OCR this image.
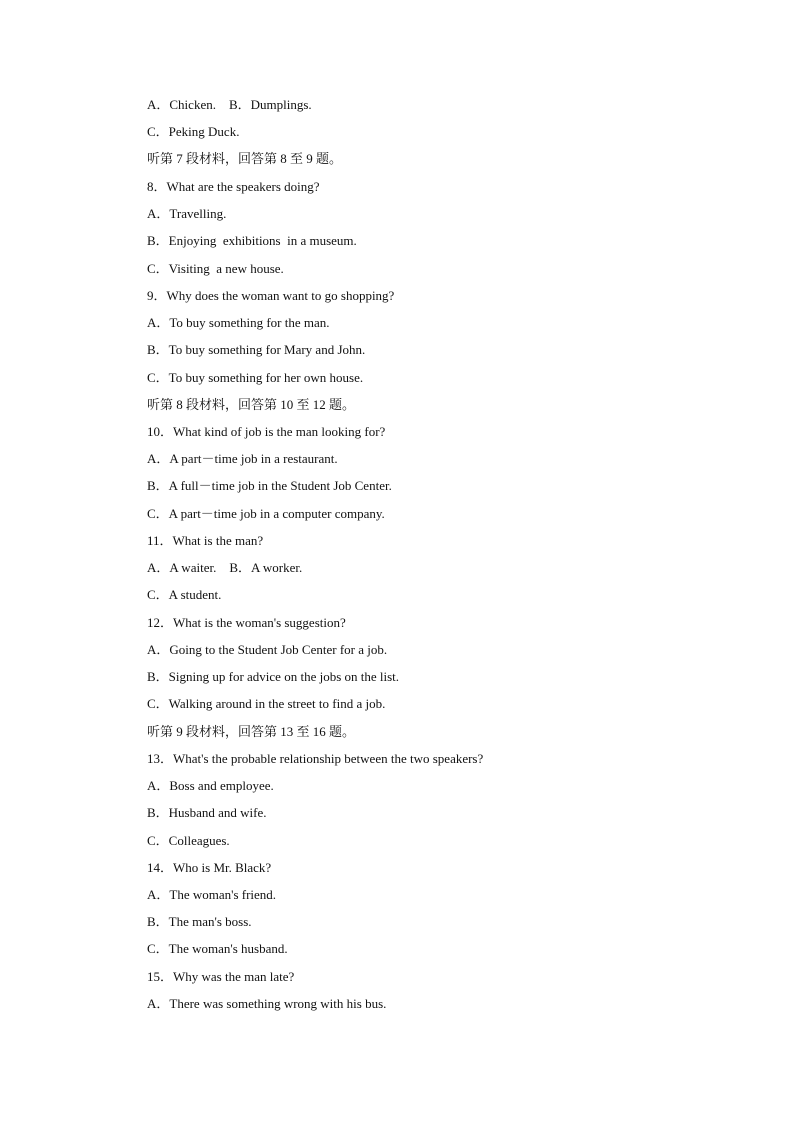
A．Chicken.    B．Dumplings.
C．Peking Duck.
听第 7 段材料，回答第 8 至 9 题。
8．What are the speakers doing?
A．Travelling.
B．Enjoying  exhibitions  in a museum.
C．Visiting  a new house.
9．Why does the woman want to go shopping?
A．To buy something for the man.
B．To buy something for Mary and John.
C．To buy something for her own house.
听第 8 段材料，回答第 10 至 12 题。
10．What kind of job is the man looking for?
A．A part－time job in a restaurant.
B．A full－time job in the Student Job Center.
C．A part－time job in a computer company.
11．What is the man?
A．A waiter.    B．A worker.
C．A student.
12．What is the woman's suggestion?
A．Going to the Student Job Center for a job.
B．Signing up for advice on the jobs on the list.
C．Walking around in the street to find a job.
听第 9 段材料，回答第 13 至 16 题。
13．What's the probable relationship between the two speakers?
A．Boss and employee.
B．Husband and wife.
C．Colleagues.
14．Who is Mr. Black?
A．The woman's friend.
B．The man's boss.
C．The woman's husband.
15．Why was the man late?
A．There was something wrong with his bus.
